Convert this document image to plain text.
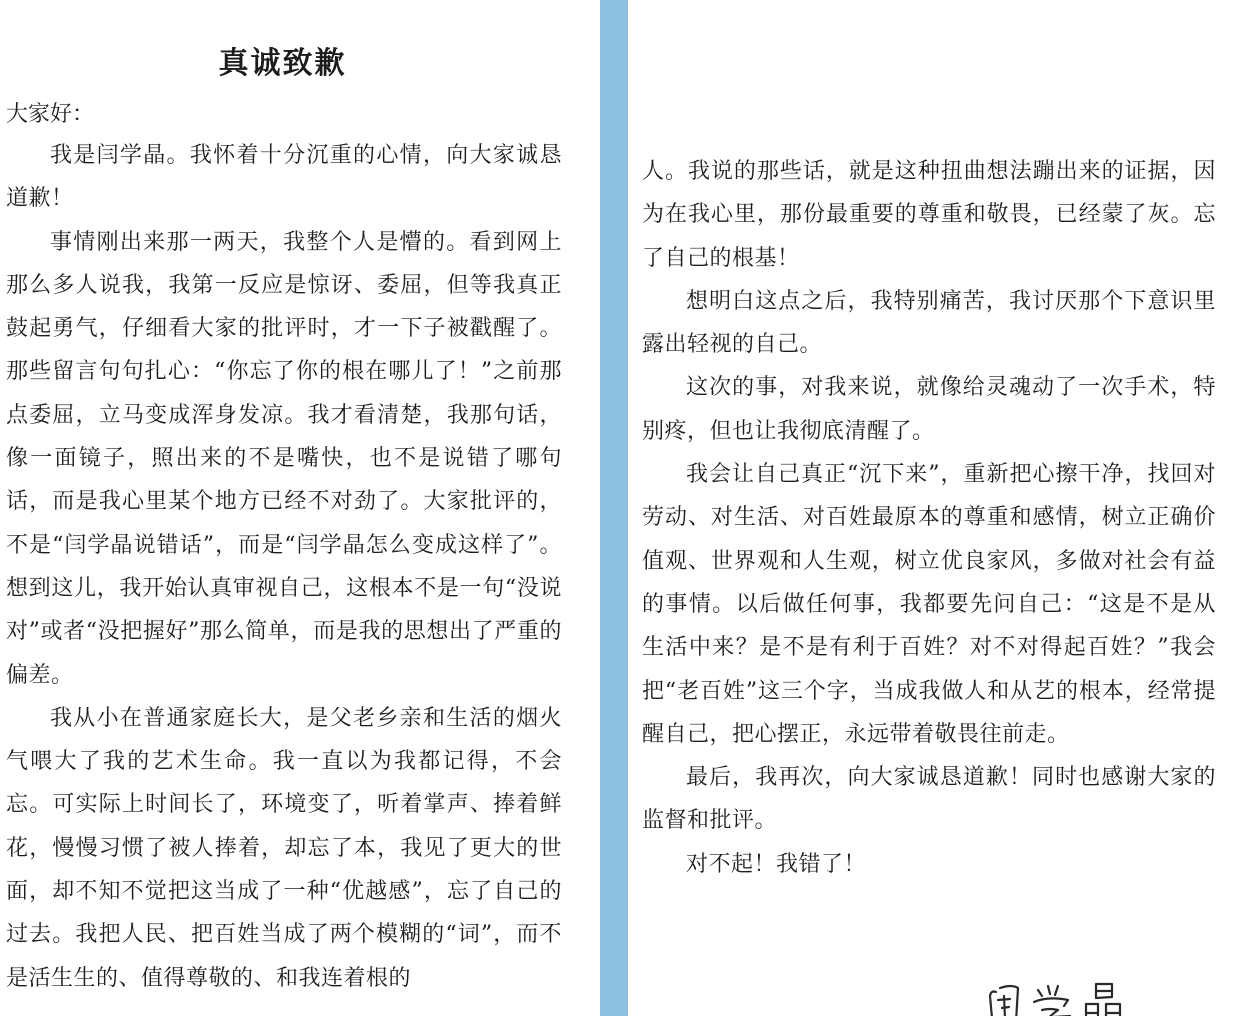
真诚致歉
大家好：

我是闫学晶。我怀着十分沉重的心情，向大家诚恳道歉！

事情刚出来那一两天，我整个人是懵的。看到网上那么多人说我，我第一反应是惊讶、委屈，但等我真正鼓起勇气，仔细看大家的批评时，才一下子被戳醒了。那些留言句句扎心：“你忘了你的根在哪儿了！”之前那点委屈，立马变成浑身发凉。我才看清楚，我那句话，像一面镜子，照出来的不是嘴快，也不是说错了哪句话，而是我心里某个地方已经不对劲了。大家批评的，不是“闫学晶说错话”，而是“闫学晶怎么变成这样了”。想到这儿，我开始认真审视自己，这根本不是一句“没说对”或者“没把握好”那么简单，而是我的思想出了严重的偏差。

我从小在普通家庭长大，是父老乡亲和生活的烟火气喂大了我的艺术生命。我一直以为我都记得，不会忘。可实际上时间长了，环境变了，听着掌声、捧着鲜花，慢慢习惯了被人捧着，却忘了本，我见了更大的世面，却不知不觉把这当成了一种“优越感”，忘了自己的过去。我把人民、把百姓当成了两个模糊的“词”，而不是活生生的、值得尊敬的、和我连着根的

人。我说的那些话，就是这种扭曲想法蹦出来的证据，因为在我心里，那份最重要的尊重和敬畏，已经蒙了灰。忘了自己的根基！

想明白这点之后，我特别痛苦，我讨厌那个下意识里露出轻视的自己。

这次的事，对我来说，就像给灵魂动了一次手术，特别疼，但也让我彻底清醒了。

我会让自己真正“沉下来”，重新把心擦干净，找回对劳动、对生活、对百姓最原本的尊重和感情，树立正确价值观、世界观和人生观，树立优良家风，多做对社会有益的事情。以后做任何事，我都要先问自己：“这是不是从生活中来？是不是有利于百姓？对不对得起百姓？”我会把“老百姓”这三个字，当成我做人和从艺的根本，经常提醒自己，把心摆正，永远带着敬畏往前走。

最后，我再次，向大家诚恳道歉！同时也感谢大家的监督和批评。

对不起！我错了！
